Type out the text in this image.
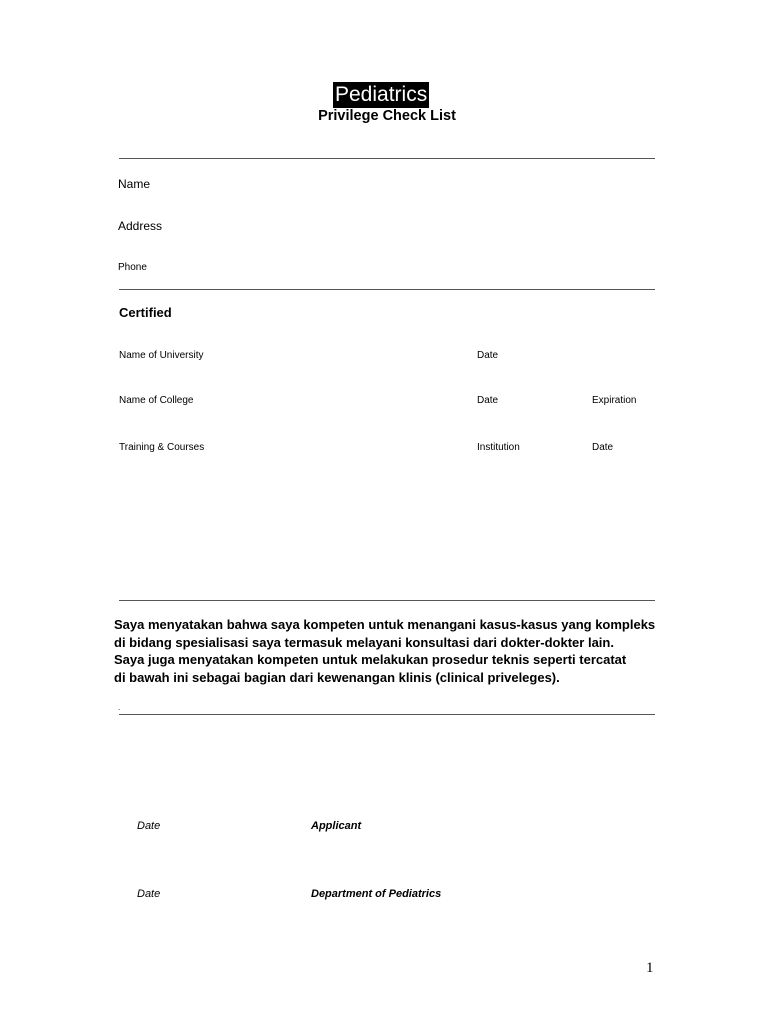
Pediatrics
Privilege Check List
Name
Address
Phone
Certified
Name of University	Date
Name of College	Date	Expiration
Training & Courses	Institution	Date
Saya menyatakan bahwa saya kompeten untuk menangani kasus-kasus yang kompleks
di bidang spesialisasi saya termasuk melayani konsultasi dari dokter-dokter lain.
Saya juga menyatakan kompeten untuk melakukan prosedur teknis seperti tercatat
di bawah ini sebagai bagian dari kewenangan klinis (clinical priveleges).
.
Date	Applicant
Date	Department of Pediatrics
1
